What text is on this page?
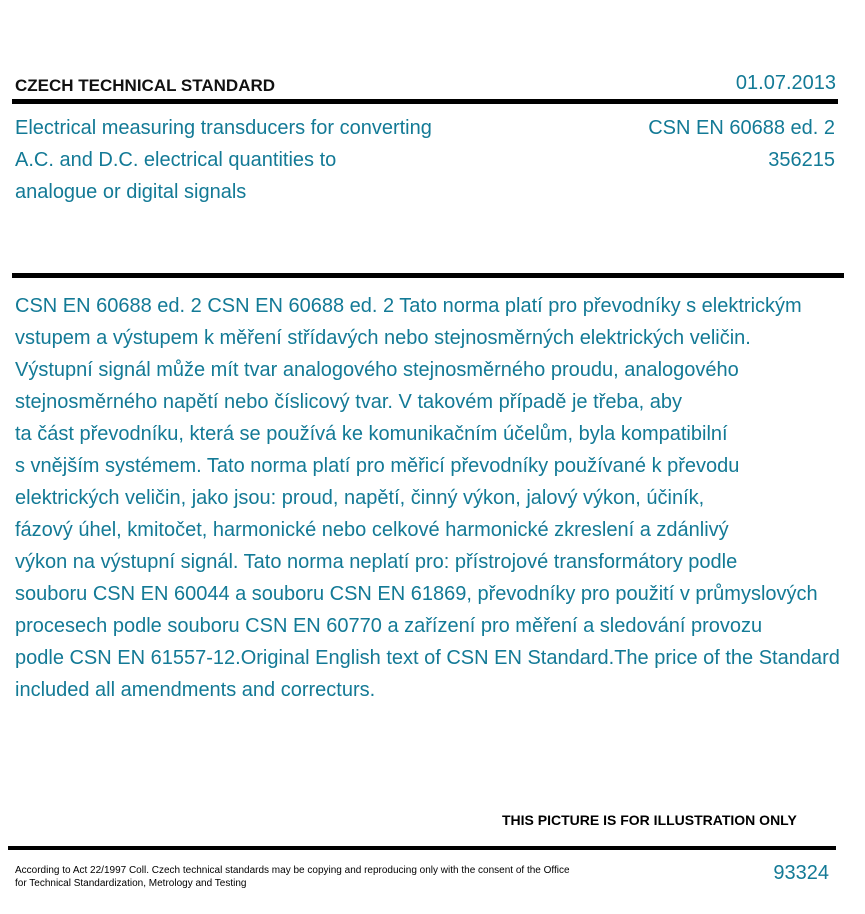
CZECH TECHNICAL STANDARD	01.07.2013
Electrical measuring transducers for converting
A.C. and D.C. electrical quantities to
analogue or digital signals
CSN EN 60688 ed. 2
356215
CSN EN 60688 ed. 2 CSN EN 60688 ed. 2 Tato norma platí pro převodníky s elektrickým
vstupem a výstupem k měření střídavých nebo stejnosměrných elektrických veličin.
Výstupní signál může mít tvar analogového stejnosměrného proudu, analogového
stejnosměrného napětí nebo číslicový tvar. V takovém případě je třeba, aby
ta část převodníku, která se používá ke komunikačním účelům, byla kompatibilní
s vnějším systémem. Tato norma platí pro měřicí převodníky používané k převodu
elektrických veličin, jako jsou: proud, napětí, činný výkon, jalový výkon, účiník,
fázový úhel, kmitočet, harmonické nebo celkové harmonické zkreslení a zdánlivý
výkon na výstupní signál. Tato norma neplatí pro: přístrojové transformátory podle
souboru CSN EN 60044 a souboru CSN EN 61869, převodníky pro použití v průmyslových
procesech podle souboru CSN EN 60770 a zařízení pro měření a sledování provozu
podle CSN EN 61557-12.Original English text of CSN EN Standard.The price of the Standard
included all amendments and correcturs.
THIS PICTURE IS FOR ILLUSTRATION ONLY
According to Act 22/1997 Coll. Czech technical standards may be copying and reproducing only with the consent of the Office
for Technical Standardization, Metrology and Testing	93324
